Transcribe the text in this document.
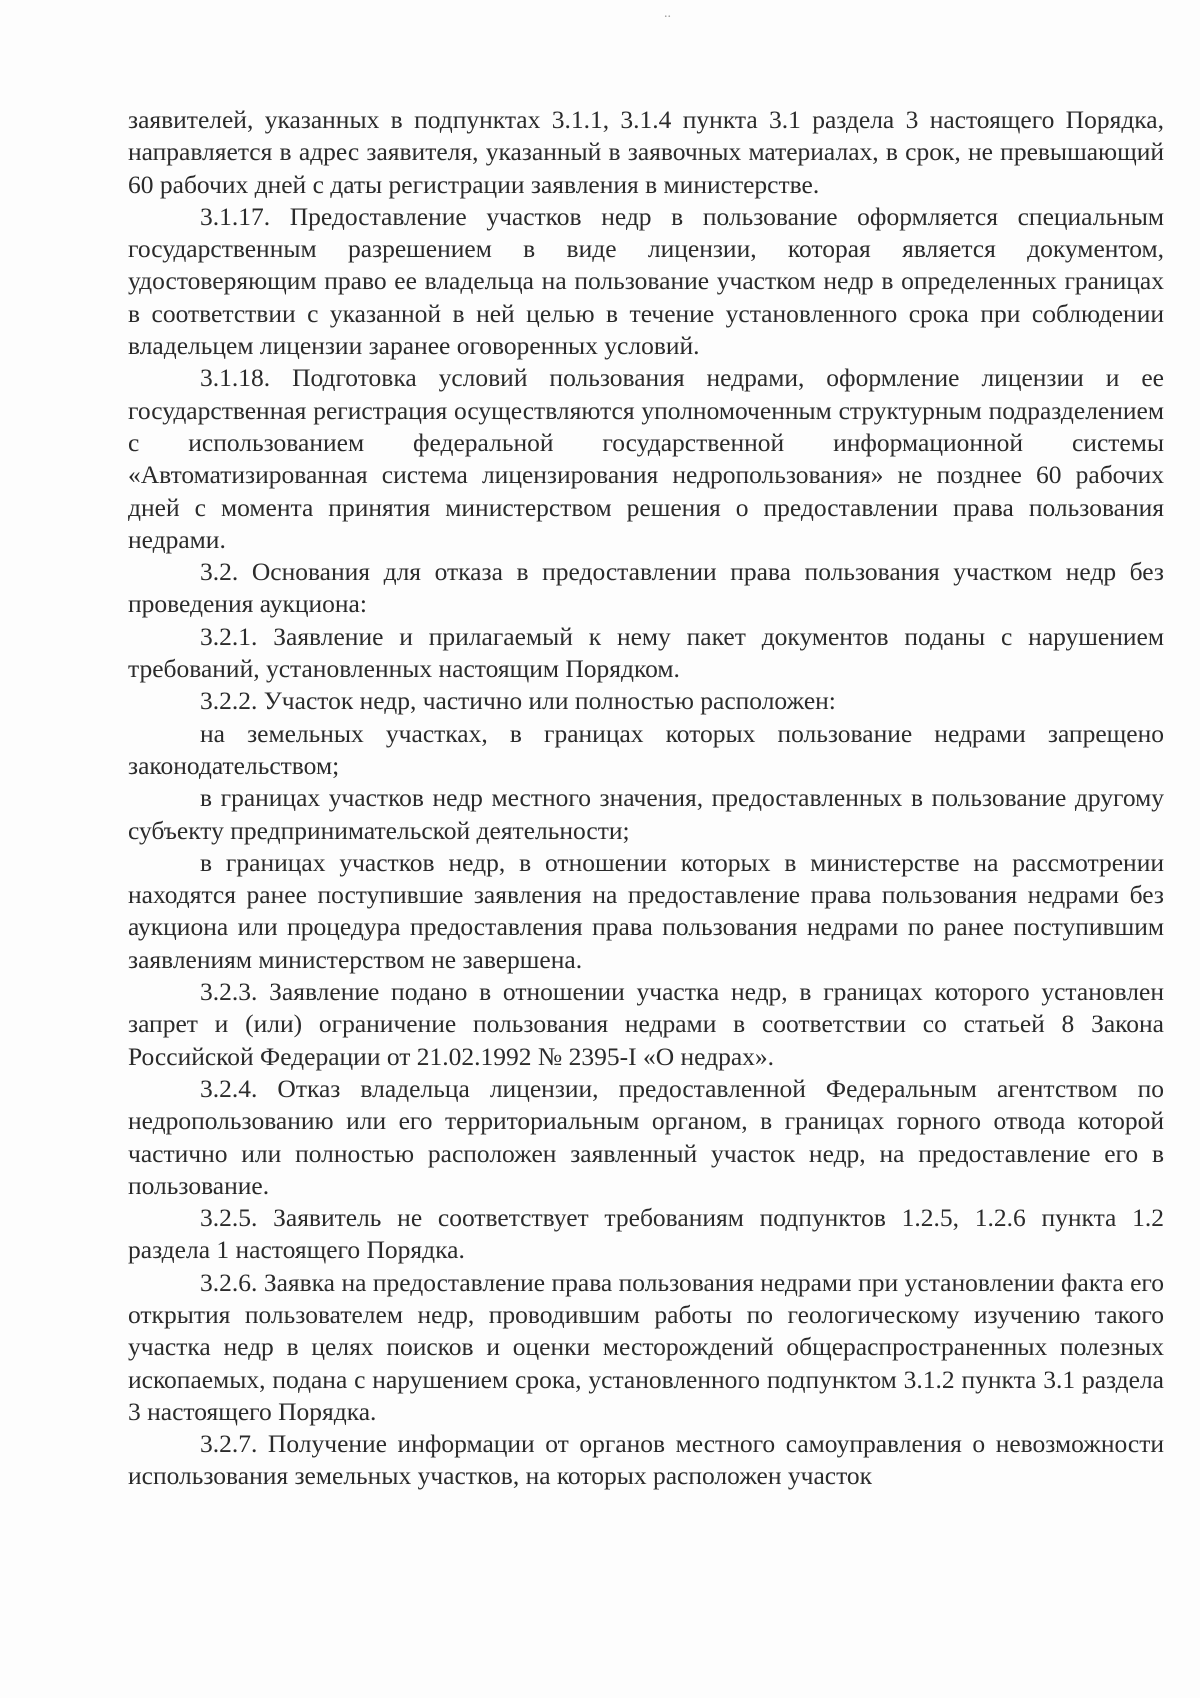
..

заявителей, указанных в подпунктах 3.1.1, 3.1.4 пункта 3.1 раздела 3 настоящего Порядка, направляется в адрес заявителя, указанный в заявочных материалах, в срок, не превышающий 60 рабочих дней с даты регистрации заявления в министерстве.

3.1.17. Предоставление участков недр в пользование оформляется специальным государственным разрешением в виде лицензии, которая является документом, удостоверяющим право ее владельца на пользование участком недр в определенных границах в соответствии с указанной в ней целью в течение установленного срока при соблюдении владельцем лицензии заранее оговоренных условий.

3.1.18. Подготовка условий пользования недрами, оформление лицензии и ее государственная регистрация осуществляются уполномоченным структурным подразделением с использованием федеральной государственной информационной системы «Автоматизированная система лицензирования недропользования» не позднее 60 рабочих дней с момента принятия министерством решения о предоставлении права пользования недрами.

3.2. Основания для отказа в предоставлении права пользования участком недр без проведения аукциона:

3.2.1. Заявление и прилагаемый к нему пакет документов поданы с нарушением требований, установленных настоящим Порядком.

3.2.2. Участок недр, частично или полностью расположен:

на земельных участках, в границах которых пользование недрами запрещено законодательством;

в границах участков недр местного значения, предоставленных в пользование другому субъекту предпринимательской деятельности;

в границах участков недр, в отношении которых в министерстве на рассмотрении находятся ранее поступившие заявления на предоставление права пользования недрами без аукциона или процедура предоставления права пользования недрами по ранее поступившим заявлениям министерством не завершена.

3.2.3. Заявление подано в отношении участка недр, в границах которого установлен запрет и (или) ограничение пользования недрами в соответствии со статьей 8 Закона Российской Федерации от 21.02.1992 № 2395-I «О недрах».

3.2.4. Отказ владельца лицензии, предоставленной Федеральным агентством по недропользованию или его территориальным органом, в границах горного отвода которой частично или полностью расположен заявленный участок недр, на предоставление его в пользование.

3.2.5. Заявитель не соответствует требованиям подпунктов 1.2.5, 1.2.6 пункта 1.2 раздела 1 настоящего Порядка.

3.2.6. Заявка на предоставление права пользования недрами при установлении факта его открытия пользователем недр, проводившим работы по геологическому изучению такого участка недр в целях поисков и оценки месторождений общераспространенных полезных ископаемых, подана с нарушением срока, установленного подпунктом 3.1.2 пункта 3.1 раздела 3 настоящего Порядка.

3.2.7. Получение информации от органов местного самоуправления о невозможности использования земельных участков, на которых расположен участок
